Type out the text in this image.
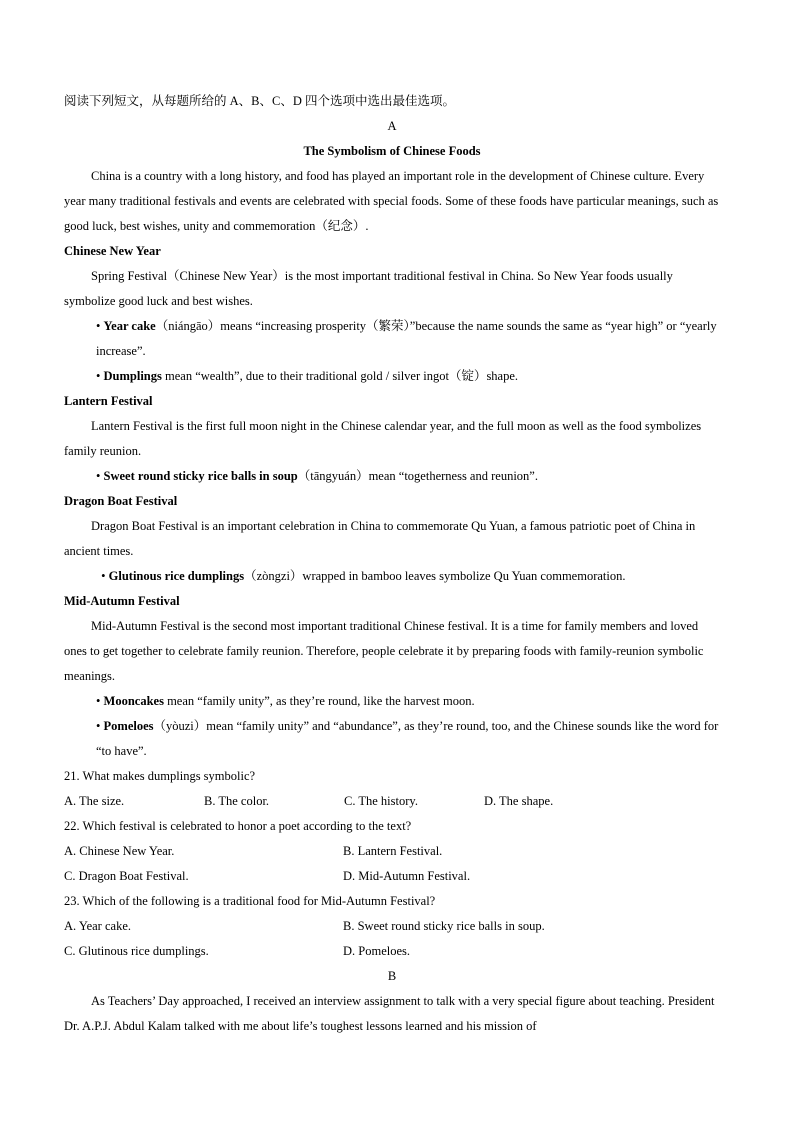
阅读下列短文，从每题所给的 A、B、C、D 四个选项中选出最佳选项。

A

The Symbolism of Chinese Foods

China is a country with a long history, and food has played an important role in the development of Chinese culture. Every year many traditional festivals and events are celebrated with special foods. Some of these foods have particular meanings, such as good luck, best wishes, unity and commemoration（纪念）.

Chinese New Year

Spring Festival（Chinese New Year）is the most important traditional festival in China. So New Year foods usually symbolize good luck and best wishes.

• Year cake（niángāo）means “increasing prosperity（繁荣）”because the name sounds the same as “year high” or “yearly increase”.

• Dumplings mean “wealth”, due to their traditional gold / silver ingot（锭）shape.

Lantern Festival

Lantern Festival is the first full moon night in the Chinese calendar year, and the full moon as well as the food symbolizes family reunion.

• Sweet round sticky rice balls in soup（tāngyuán）mean “togetherness and reunion”.

Dragon Boat Festival

Dragon Boat Festival is an important celebration in China to commemorate Qu Yuan, a famous patriotic poet of China in ancient times.

• Glutinous rice dumplings（zòngzi）wrapped in bamboo leaves symbolize Qu Yuan commemoration.

Mid-Autumn Festival

Mid-Autumn Festival is the second most important traditional Chinese festival. It is a time for family members and loved ones to get together to celebrate family reunion. Therefore, people celebrate it by preparing foods with family-reunion symbolic meanings.

• Mooncakes mean “family unity”, as they’re round, like the harvest moon.

• Pomeloes（yòuzi）mean “family unity” and “abundance”, as they’re round, too, and the Chinese sounds like the word for “to have”.

21. What makes dumplings symbolic?

A. The size.	B. The color.	C. The history.	D. The shape.

22. Which festival is celebrated to honor a poet according to the text?

A. Chinese New Year.	B. Lantern Festival.
C. Dragon Boat Festival.	D. Mid-Autumn Festival.

23. Which of the following is a traditional food for Mid-Autumn Festival?

A. Year cake.	B. Sweet round sticky rice balls in soup.
C. Glutinous rice dumplings.	D. Pomeloes.

B

As Teachers’ Day approached, I received an interview assignment to talk with a very special figure about teaching. President Dr. A.P.J. Abdul Kalam talked with me about life’s toughest lessons learned and his mission of
